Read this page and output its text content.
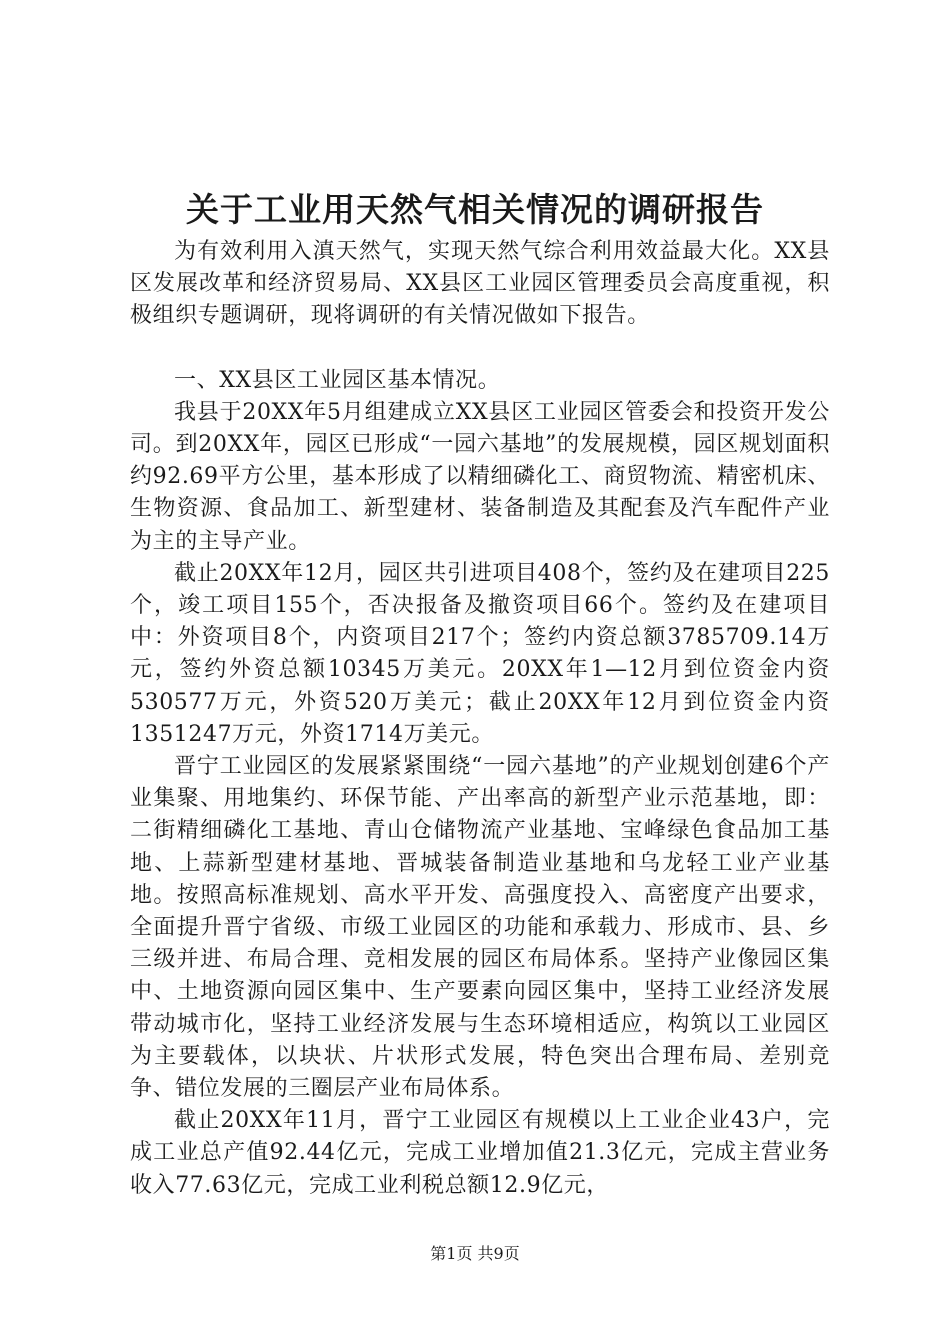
关于工业用天然气相关情况的调研报告

为有效利用入滇天然气，实现天然气综合利用效益最大化。XX县区发展改革和经济贸易局、XX县区工业园区管理委员会高度重视，积极组织专题调研，现将调研的有关情况做如下报告。

一、XX县区工业园区基本情况。

我县于20XX年5月组建成立XX县区工业园区管委会和投资开发公司。到20XX年，园区已形成“一园六基地”的发展规模，园区规划面积约92.69平方公里，基本形成了以精细磷化工、商贸物流、精密机床、生物资源、食品加工、新型建材、装备制造及其配套及汽车配件产业为主的主导产业。

截止20XX年12月，园区共引进项目408个，签约及在建项目225个，竣工项目155个，否决报备及撤资项目66个。签约及在建项目中：外资项目8个，内资项目217个；签约内资总额3785709.14万元，签约外资总额10345万美元。20XX年1—12月到位资金内资530577万元，外资520万美元；截止20XX年12月到位资金内资1351247万元，外资1714万美元。

晋宁工业园区的发展紧紧围绕“一园六基地”的产业规划创建6个产业集聚、用地集约、环保节能、产出率高的新型产业示范基地，即：二街精细磷化工基地、青山仓储物流产业基地、宝峰绿色食品加工基地、上蒜新型建材基地、晋城装备制造业基地和乌龙轻工业产业基地。按照高标准规划、高水平开发、高强度投入、高密度产出要求，全面提升晋宁省级、市级工业园区的功能和承载力、形成市、县、乡三级并进、布局合理、竞相发展的园区布局体系。坚持产业像园区集中、土地资源向园区集中、生产要素向园区集中，坚持工业经济发展带动城市化，坚持工业经济发展与生态环境相适应，构筑以工业园区为主要载体，以块状、片状形式发展，特色突出合理布局、差别竞争、错位发展的三圈层产业布局体系。

截止20XX年11月，晋宁工业园区有规模以上工业企业43户，完成工业总产值92.44亿元，完成工业增加值21.3亿元，完成主营业务收入77.63亿元，完成工业利税总额12.9亿元，

第1页 共9页
